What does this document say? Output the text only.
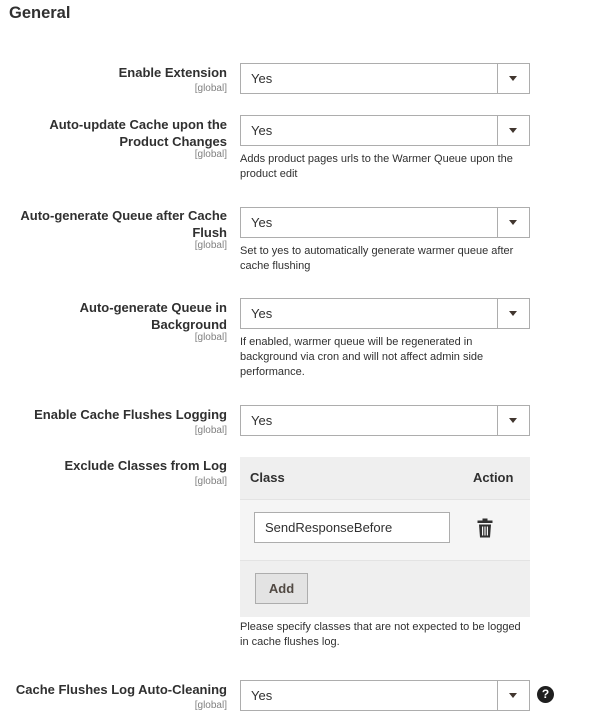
General
Enable Extension
[global]
Yes
Auto-update Cache upon the
Product Changes
[global]
Yes
Adds product pages urls to the Warmer Queue upon the product edit
Auto-generate Queue after Cache
Flush
[global]
Yes
Set to yes to automatically generate warmer queue after cache flushing
Auto-generate Queue in
Background
[global]
Yes
If enabled, warmer queue will be regenerated in background via cron and will not affect admin side performance.
Enable Cache Flushes Logging
[global]
Yes
Exclude Classes from Log
[global] Class	Action
SendResponseBefore
Add
Please specify classes that are not expected to be logged in cache flushes log.
Cache Flushes Log Auto-Cleaning
[global]
Yes	?
